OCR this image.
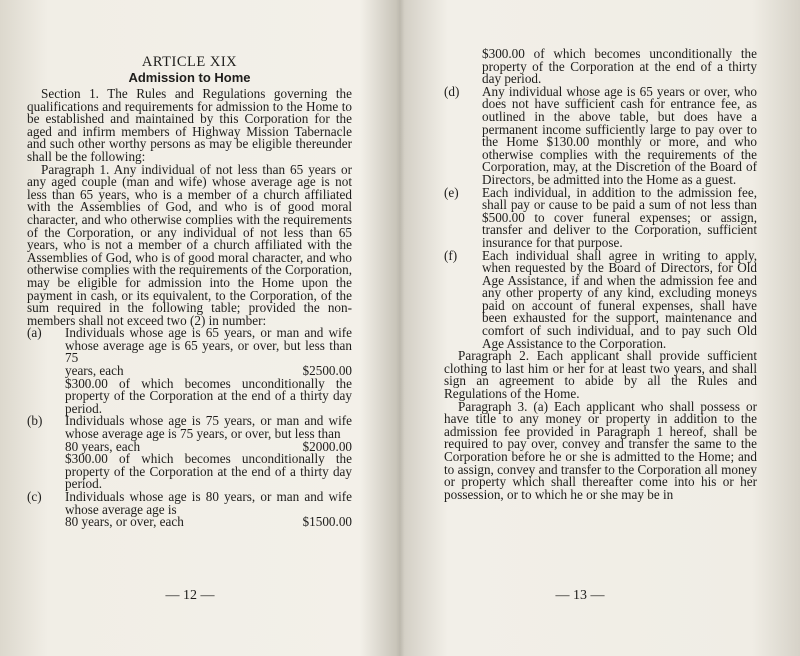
ARTICLE XIX
Admission to Home

Section 1. The Rules and Regulations governing the qualifications and requirements for admission to the Home to be established and maintained by this Corporation for the aged and infirm members of Highway Mission Tabernacle and such other worthy persons as may be eligible thereunder shall be the following:

Paragraph 1. Any individual of not less than 65 years or any aged couple (man and wife) whose average age is not less than 65 years, who is a member of a church affiliated with the Assemblies of God, and who is of good moral character, and who otherwise complies with the requirements of the Corporation, or any individual of not less than 65 years, who is not a member of a church affiliated with the Assemblies of God, who is of good moral character, and who otherwise complies with the requirements of the Corporation, may be eligible for admission into the Home upon the payment in cash, or its equivalent, to the Corporation, of the sum required in the following table; provided the non-members shall not exceed two (2) in number:

(a)	Individuals whose age is 65 years, or man and wife whose average age is 65 years, or over, but less than 75
years, each	$2500.00

$300.00 of which becomes unconditionally the property of the Corporation at the end of a thirty day period.

(b)	Individuals whose age is 75 years, or man and wife whose average age is 75 years, or over, but less than
80 years, each	$2000.00

$300.00 of which becomes unconditionally the property of the Corporation at the end of a thirty day period.

(c)	Individuals whose age is 80 years, or man and wife whose average age is
80 years, or over, each	$1500.00
— 12 —

$300.00 of which becomes unconditionally the property of the Corporation at the end of a thirty day period.

(d)	Any individual whose age is 65 years or over, who does not have sufficient cash for entrance fee, as outlined in the above table, but does have a permanent income sufficiently large to pay over to the Home $130.00 monthly or more, and who otherwise complies with the requirements of the Corporation, may, at the Discretion of the Board of Directors, be admitted into the Home as a guest.
(e)	Each individual, in addition to the admission fee, shall pay or cause to be paid a sum of not less than $500.00 to cover funeral expenses; or assign, transfer and deliver to the Corporation, sufficient insurance for that purpose.
(f)	Each individual shall agree in writing to apply, when requested by the Board of Directors, for Old Age Assistance, if and when the admission fee and any other property of any kind, excluding moneys paid on account of funeral expenses, shall have been exhausted for the support, maintenance and comfort of such individual, and to pay such Old Age Assistance to the Corporation.

Paragraph 2. Each applicant shall provide sufficient clothing to last him or her for at least two years, and shall sign an agreement to abide by all the Rules and Regulations of the Home.

Paragraph 3. (a) Each applicant who shall possess or have title to any money or property in addition to the admission fee provided in Paragraph 1 hereof, shall be required to pay over, convey and transfer the same to the Corporation before he or she is admitted to the Home; and to assign, convey and transfer to the Corporation all money or property which shall thereafter come into his or her possession, or to which he or she may be in

— 13 —
